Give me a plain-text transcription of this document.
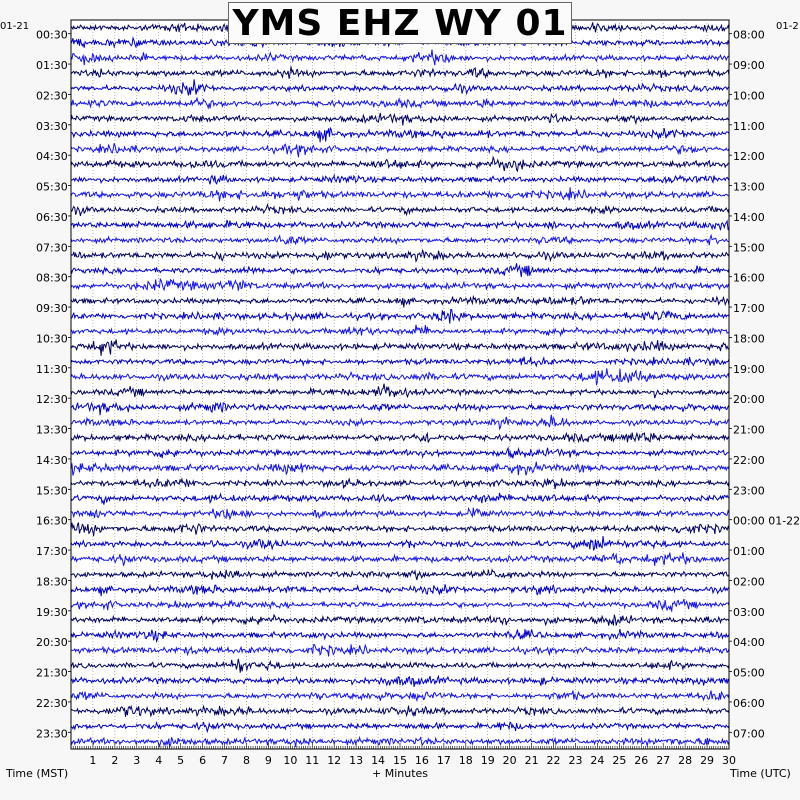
1 2 3 4 5 6 7 8 9 10 11 12 13 14 15 16 17 18 19 20 21 22 23 24 25 26 27 28 29 30
00:30
01:30
02:30
03:30
04:30
05:30
06:30
07:30
08:30
09:30
10:30
11:30
12:30
13:30
14:30
15:30
16:30
17:30
18:30
19:30
20:30
21:30
22:30
23:30
08:00
09:00
10:00
11:00
12:00
13:00
14:00
15:00
16:00
17:00
18:00
19:00
20:00
21:00
22:00
23:00
00:00 01-22
01:00
02:00
03:00
04:00
05:00
06:00
07:00
YMS EHZ WY 01
01-21	01-2
Time (MST)	+ Minutes	Time (UTC)
